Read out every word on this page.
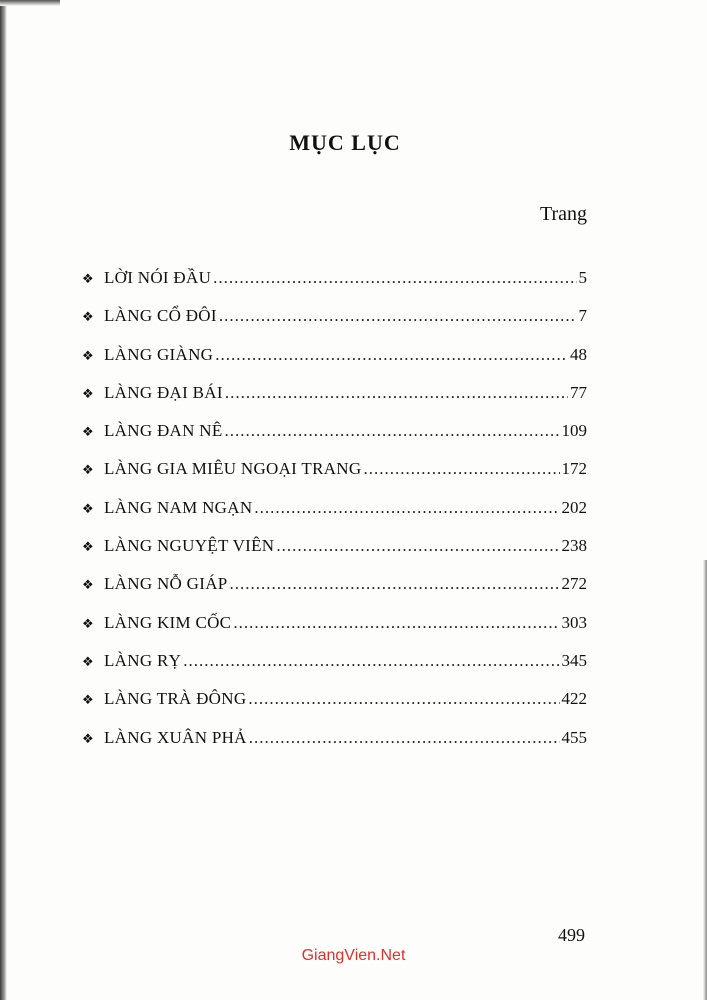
MỤC LỤC
Trang
❖ LỜI NÓI ĐẦU .....	5
❖ LÀNG CỔ ĐÔI .....	7
❖ LÀNG GIÀNG .....	48
❖ LÀNG ĐẠI BÁI .....	77
❖ LÀNG ĐAN NÊ .....	109
❖ LÀNG GIA MIÊU NGOẠI TRANG .....	172
❖ LÀNG NAM NGẠN .....	202
❖ LÀNG NGUYỆT VIÊN .....	238
❖ LÀNG NỖ GIÁP .....	272
❖ LÀNG KIM CỐC .....	303
❖ LÀNG RỴ .....	345
❖ LÀNG TRÀ ĐÔNG .....	422
❖ LÀNG XUÂN PHẢ .....	455
499
GiangVien.Net
